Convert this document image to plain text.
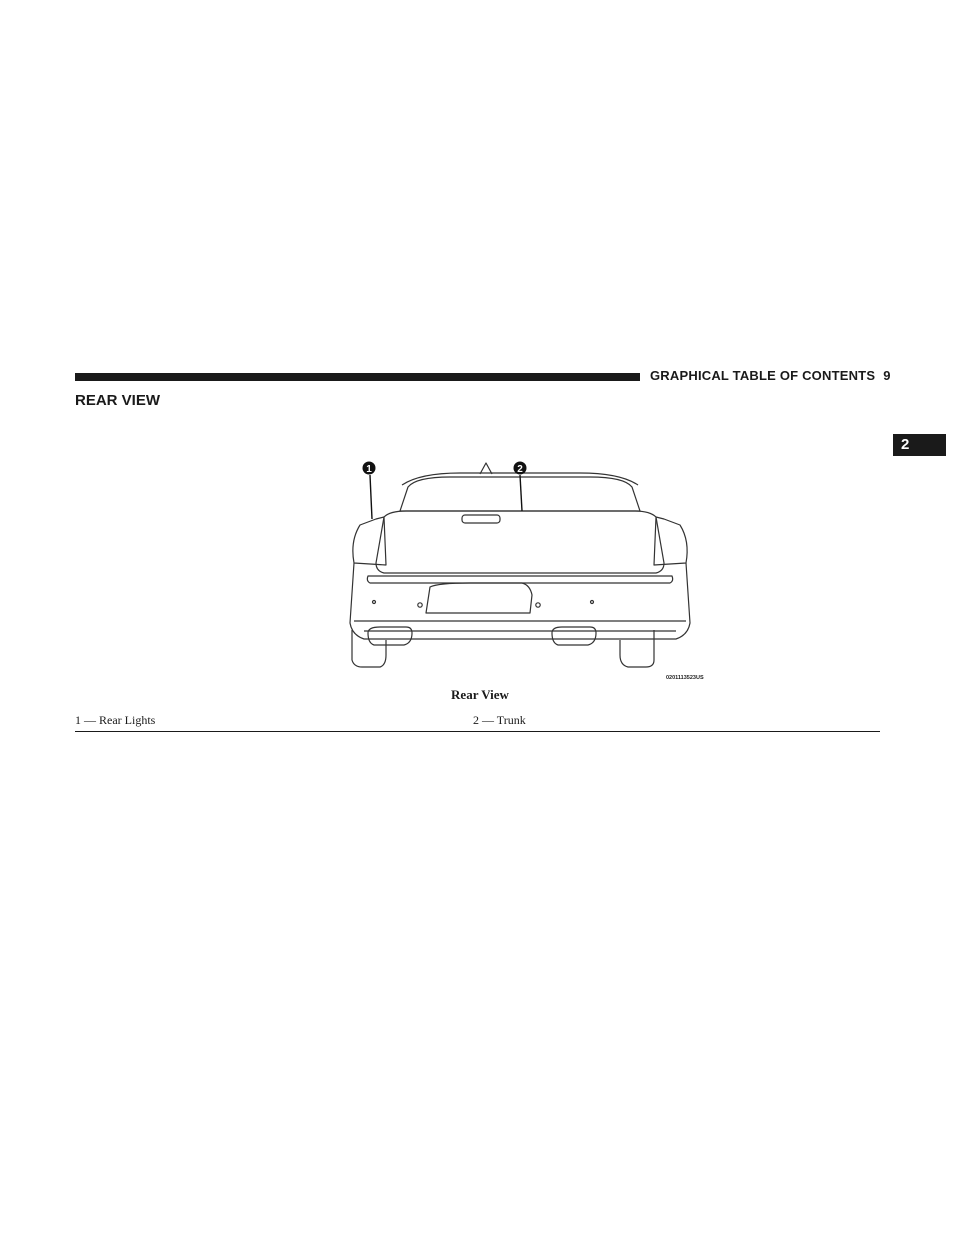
GRAPHICAL TABLE OF CONTENTS 9
REAR VIEW
2
1	2
0201113523US
Rear View
1 — Rear Lights	2 — Trunk
